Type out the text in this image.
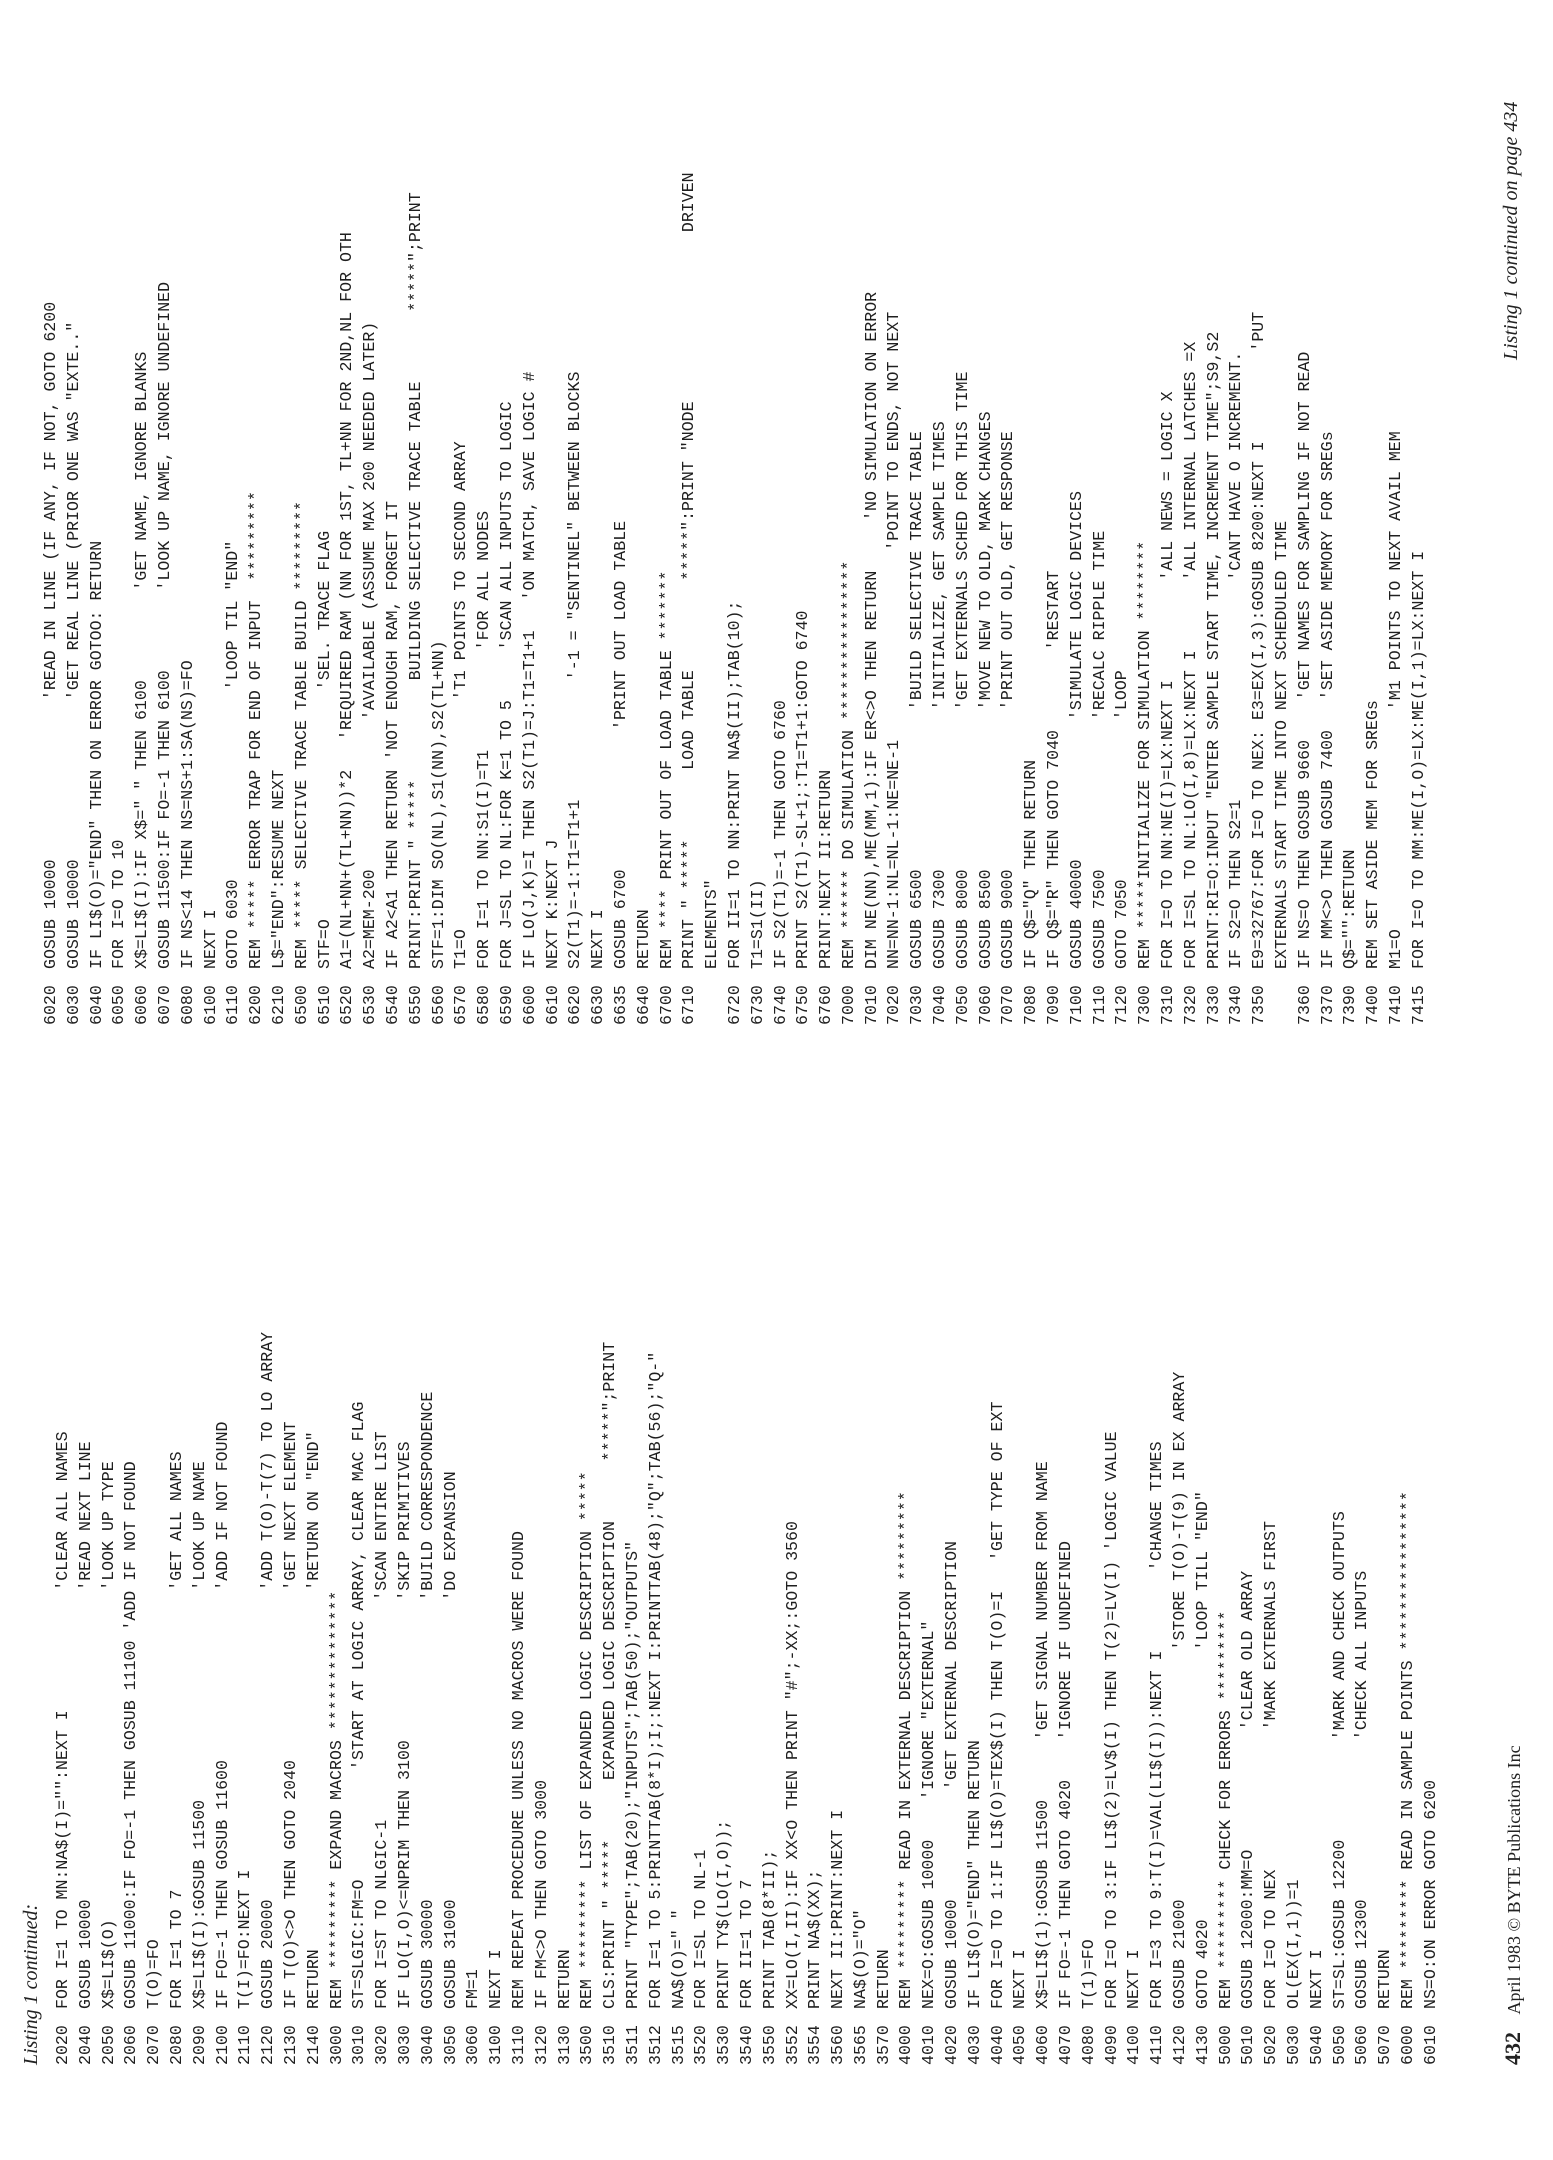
Listing 1 continued: 2020FOR I=1 TO MN:NA$(I)="":NEXT I            'CLEAR ALL NAMES
2040GOSUB 10000                               'READ NEXT LINE
2050X$=LI$(O)                                 'LOOK UP TYPE
2060GOSUB 11000:IF FO=-1 THEN GOSUB 11100 'ADD IF NOT FOUND
2070T(O)=FO
2080FOR I=1 TO 7                              'GET ALL NAMES
2090X$=LI$(I):GOSUB 11500                     'LOOK UP NAME
2100IF FO=-1 THEN GOSUB 11600                 'ADD IF NOT FOUND
2110T(I)=FO:NEXT I
2120GOSUB 20000                               'ADD T(O)-T(7) TO LO ARRAY
2130IF T(O)<>O THEN GOTO 2040                 'GET NEXT ELEMENT
2140RETURN                                    'RETURN ON "END"
3000REM ********* EXPAND MACROS **************
3010ST=SLGIC:FM=O           'START AT LOGIC ARRAY, CLEAR MAC FLAG
3020FOR I=ST TO NLGIC-1                      'SCAN ENTIRE LIST
3030IF LO(I,O)<=NPRIM THEN 3100              'SKIP PRIMITIVES
3040GOSUB 30000                              'BUILD CORRESPONDENCE
3050GOSUB 31000                              'DO EXPANSION
3060FM=1
3100NEXT I
3110REM REPEAT PROCEDURE UNLESS NO MACROS WERE FOUND
3120IF FM<>O THEN GOTO 3000
3130RETURN
3500REM ********* LIST OF EXPANDED LOGIC DESCRIPTION *****
3510CLS:PRINT " *****      EXPANDED LOGIC DESCRIPTION      *****";PRINT
3511PRINT "TYPE";TAB(20);"INPUTS";TAB(50);"OUTPUTS"
3512FOR I=1 TO 5:PRINTTAB(8*I);I;:NEXT I:PRINTTAB(48);"Q";TAB(56);"Q-"
3515NA$(O)=" "
3520FOR I=SL TO NL-1
3530PRINT TY$(LO(I,O));
3540FOR II=1 TO 7
3550PRINT TAB(8*II);
3552XX=LO(I,II):IF XX<O THEN PRINT "#";-XX;:GOTO 3560
3554PRINT NA$(XX);
3560NEXT II:PRINT:NEXT I
3565NA$(O)="O"
3570RETURN
4000REM ********* READ IN EXTERNAL DESCRIPTION *********
4010NEX=O:GOSUB 10000    'IGNORE "EXTERNAL"
4020GOSUB 10000           'GET EXTERNAL DESCRIPTION
4030IF LI$(O)="END" THEN RETURN
4040FOR I=O TO 1:IF LI$(O)=TEX$(I) THEN T(O)=I   'GET TYPE OF EXT
4050NEXT I
4060X$=LI$(1):GOSUB 11500      'GET SIGNAL NUMBER FROM NAME
4070IF FO=-1 THEN GOTO 4020    'IGNORE IF UNDEFINED
4080T(1)=FO
4090FOR I=O TO 3:IF LI$(2)=LV$(I) THEN T(2)=LV(I) 'LOGIC VALUE
4100NEXT I
4110FOR I=3 TO 9:T(I)=VAL(LI$(I)):NEXT I        'CHANGE TIMES
4120GOSUB 21000                         'STORE T(O)-T(9) IN EX ARRAY
4130GOTO 4020                           'LOOP TILL "END"
5000REM ********* CHECK FOR ERRORS *********
5010GOSUB 12000:MM=O            'CLEAR OLD ARRAY
5020FOR I=O TO NEX              'MARK EXTERNALS FIRST
5030OL(EX(I,1))=1
5040NEXT I
5050ST=SL:GOSUB 12200          'MARK AND CHECK OUTPUTS
5060GOSUB 12300                'CHECK ALL INPUTS
5070RETURN
6000REM ********* READ IN SAMPLE POINTS ****************
6010NS=O:ON ERROR GOTO 6200
6020GOSUB 10000                'READ IN LINE (IF ANY, IF NOT, GOTO 6200
6030GOSUB 10000                'GET REAL LINE (PRIOR ONE WAS "EXTE.."
6040IF LI$(O)="END" THEN ON ERROR GOTOO: RETURN
6050FOR I=O TO 10
6060X$=LI$(I):IF X$=" " THEN 6100         'GET NAME, IGNORE BLANKS
6070GOSUB 11500:IF FO=-1 THEN 6100        'LOOK UP NAME, IGNORE UNDEFINED
6080IF NS<14 THEN NS=NS+1:SA(NS)=FO
6100NEXT I
6110GOTO 6030                   'LOOP TIL "END"
6200REM ***** ERROR TRAP FOR END OF INPUT  *********
6210L$="END":RESUME NEXT
6500REM ***** SELECTIVE TRACE TABLE BUILD *********
6510STF=O                       'SEL. TRACE FLAG
6520A1=(NL+NN+(TL+NN))*2   'REQUIRED RAM (NN FOR 1ST, TL+NN FOR 2ND,NL FOR OTH
6530A2=MEM-200               'AVAILABLE (ASSUME MAX 200 NEEDED LATER)
6540IF A2<A1 THEN RETURN 'NOT ENOUGH RAM, FORGET IT
6550PRINT:PRINT " *****          BUILDING SELECTIVE TRACE TABLE       *****";PRINT
6560STF=1:DIM SO(NL),S1(NN),S2(TL+NN)
6570T1=O                       'T1 POINTS TO SECOND ARRAY
6580FOR I=1 TO NN:S1(I)=T1          'FOR ALL NODES
6590FOR J=SL TO NL:FOR K=1 TO 5     'SCAN ALL INPUTS TO LOGIC
6600IF LO(J,K)=I THEN S2(T1)=J:T1=T1+1   'ON MATCH, SAVE LOGIC #
6610NEXT K:NEXT J
6620S2(T1)=-1:T1=T1+1            '-1 = "SENTINEL" BETWEEN BLOCKS
6630NEXT I
6635GOSUB 6700              'PRINT OUT LOAD TABLE
6640RETURN
6700REM **** PRINT OUT OF LOAD TABLE *******
6710PRINT " *****       LOAD TABLE         *****":PRINT "NODE                 DRIVEN ELEMENTS"
6720FOR II=1 TO NN:PRINT NA$(II);TAB(10);
6730T1=S1(II)
6740IF S2(T1)=-1 THEN GOTO 6760
6750PRINT S2(T1)-SL+1;:T1=T1+1:GOTO 6740
6760PRINT:NEXT II:RETURN
7000REM ****** DO SIMULATION ****************
7010DIM NE(NN),ME(MM,1):IF ER<>O THEN RETURN     'NO SIMULATION ON ERROR
7020NN=NN-1:NL=NL-1:NE=NE-1                   'POINT TO ENDS, NOT NEXT
7030GOSUB 6500                'BUILD SELECTIVE TRACE TABLE
7040GOSUB 7300                'INITIALIZE, GET SAMPLE TIMES
7050GOSUB 8000                'GET EXTERNALS SCHED FOR THIS TIME
7060GOSUB 8500                'MOVE NEW TO OLD, MARK CHANGES
7070GOSUB 9000                'PRINT OUT OLD, GET RESPONSE
7080IF Q$="Q" THEN RETURN
7090IF Q$="R" THEN GOTO 7040        'RESTART
7100GOSUB 40000              'SIMULATE LOGIC DEVICES
7110GOSUB 7500               'RECALC RIPPLE TIME
7120GOTO 7050                'LOOP
7300REM *****INITIALIZE FOR SIMULATION ********
7310FOR I=O TO NN:NE(I)=LX:NEXT I          'ALL NEWS = LOGIC X
7320FOR I=SL TO NL:LO(I,8)=LX:NEXT I       'ALL INTERNAL LATCHES =X
7330PRINT:RI=O:INPUT "ENTER SAMPLE START TIME, INCREMENT TIME";S9,S2
7340IF S2=O THEN S2=1                      'CANT HAVE O INCREMENT.
7350E9=32767:FOR I=O TO NEX: E3=EX(I,3):GOSUB 8200:NEXT I         'PUT EXTERNALS START TIME INTO NEXT SCHEDULED TIME
7360IF NS=O THEN GOSUB 9660    'GET NAMES FOR SAMPLING IF NOT READ
7370IF MM<>O THEN GOSUB 7400   'SET ASIDE MEMORY FOR SREGs
7390Q$="":RETURN
7400REM SET ASIDE MEM FOR SREGs
7410M1=O                      'M1 POINTS TO NEXT AVAIL MEM
7415FOR I=O TO MM:ME(I,O)=LX:ME(I,1)=LX:NEXT I
Listing 1 continued on page 434
432 April 1983 © BYTE Publications Inc
